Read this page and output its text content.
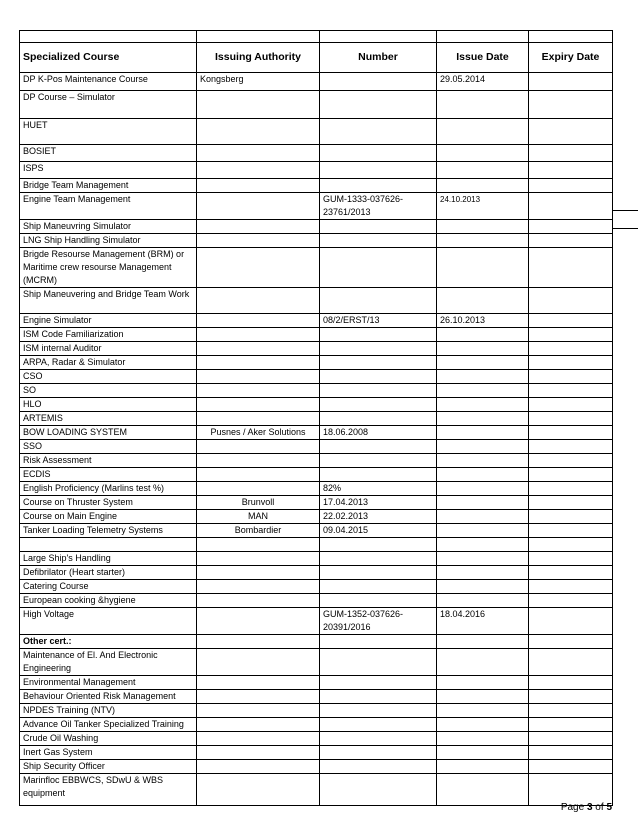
Specialized Course	Issuing Authority	Number	Issue Date	Expiry Date
DP K-Pos Maintenance Course	Kongsberg		29.05.2014	
DP Course – Simulator				
HUET				
BOSIET				
ISPS				
Bridge Team Management				
Engine Team Management		GUM-1333-037626-23761/2013	24.10.2013	
Ship Maneuvring Simulator				
LNG Ship Handling Simulator				
Brigde Resourse Management (BRM) or Maritime crew resourse Management (MCRM)				
Ship Maneuvering and Bridge Team Work				
Engine Simulator		08/2/ERST/13	26.10.2013	
ISM Code Familiarization				
ISM internal Auditor				
ARPA, Radar & Simulator				
CSO				
SO				
HLO				
ARTEMIS				
BOW LOADING SYSTEM	Pusnes / Aker Solutions	18.06.2008		
SSO				
Risk Assessment				
ECDIS				
English Proficiency (Marlins test %)		82%		
Course on Thruster System	Brunvoll	17.04.2013		
Course on Main Engine	MAN	22.02.2013		
Tanker Loading Telemetry Systems	Bombardier	09.04.2015		

Large Ship's Handling				
Defibrilator (Heart starter)				
Catering Course				
European cooking &hygiene				
High Voltage		GUM-1352-037626-20391/2016	18.04.2016	
Other cert.:				
Maintenance of El. And Electronic Engineering				
Environmental Management				
Behaviour Oriented Risk Management				
NPDES Training (NTV)				
Advance Oil Tanker Specialized Training				
Crude Oil Washing				
Inert Gas System				
Ship Security Officer				
Marinfloc EBBWCS, SDwU & WBS equipment				
Page 3 of 5
